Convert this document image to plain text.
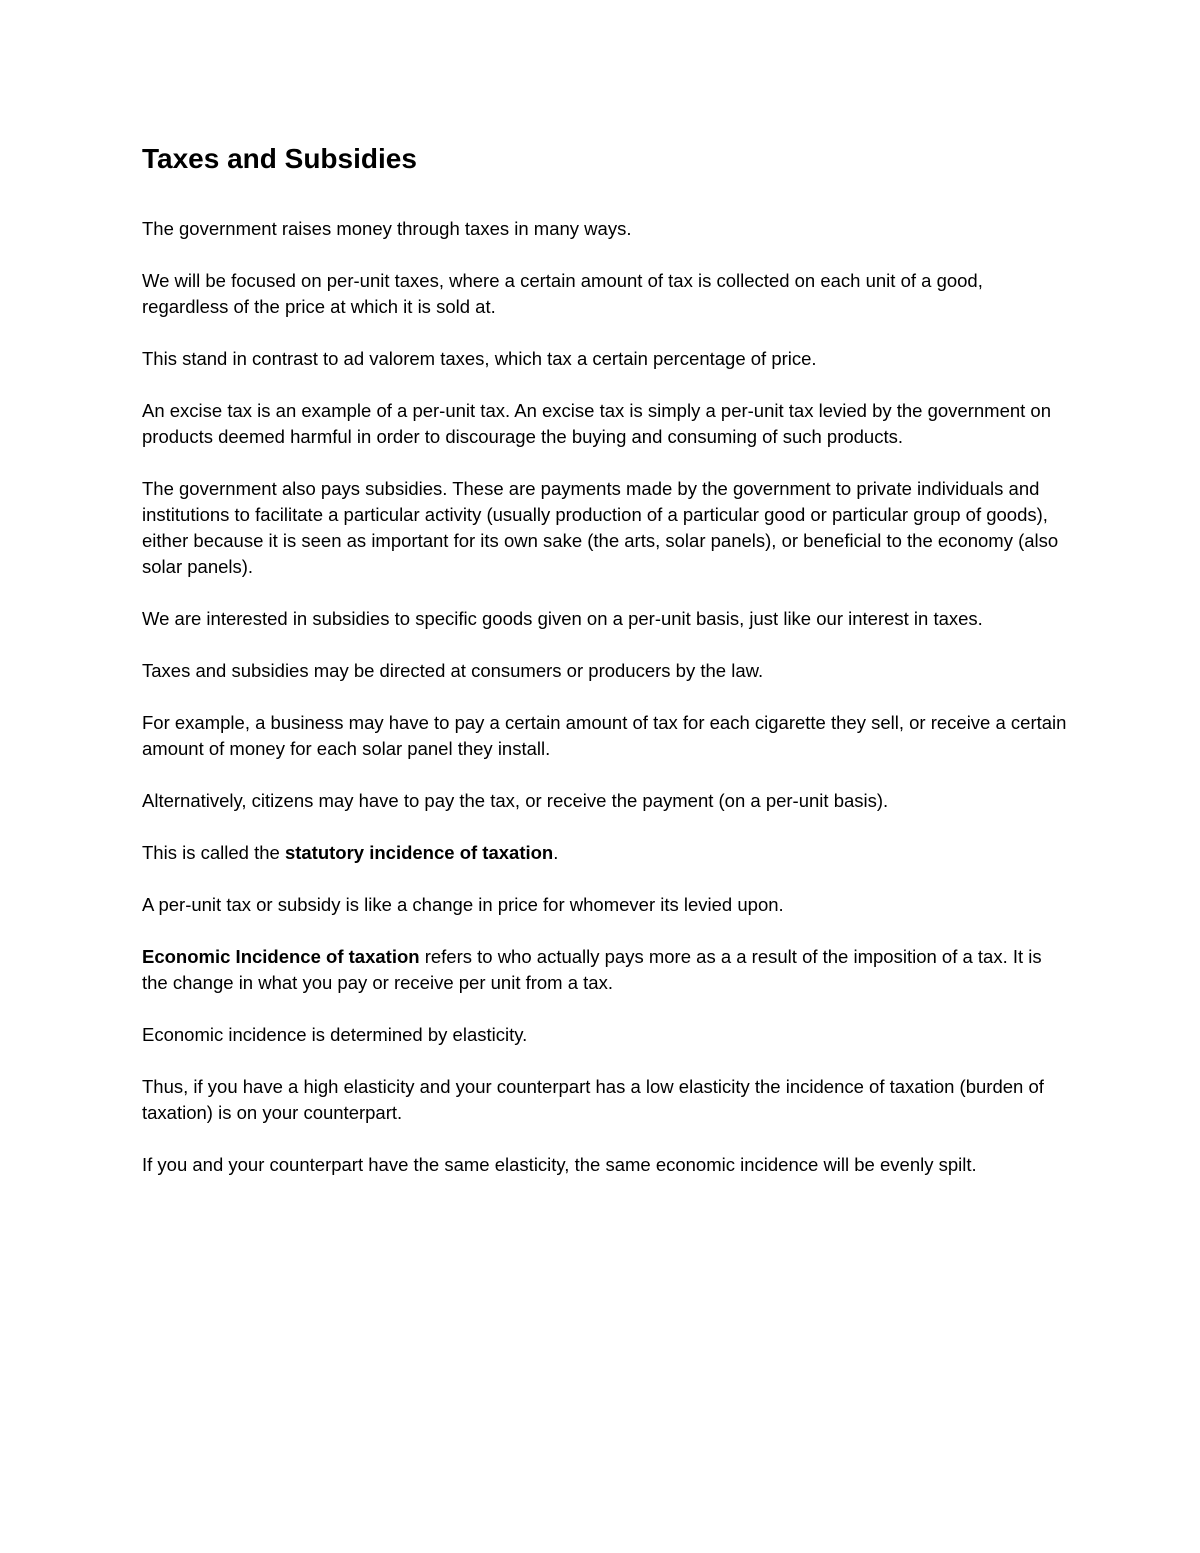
Taxes and Subsidies

The government raises money through taxes in many ways.

We will be focused on per-unit taxes, where a certain amount of tax is collected on each unit of a good, regardless of the price at which it is sold at.

This stand in contrast to ad valorem taxes, which tax a certain percentage of price.

An excise tax is an example of a per-unit tax. An excise tax is simply a per-unit tax levied by the government on products deemed harmful in order to discourage the buying and consuming of such products.

The government also pays subsidies. These are payments made by the government to private individuals and institutions to facilitate a particular activity (usually production of a particular good or particular group of goods), either because it is seen as important for its own sake (the arts, solar panels), or beneficial to the economy (also solar panels).

We are interested in subsidies to specific goods given on a per-unit basis, just like our interest in taxes.

Taxes and subsidies may be directed at consumers or producers by the law.

For example, a business may have to pay a certain amount of tax for each cigarette they sell, or receive a certain amount of money for each solar panel they install.

Alternatively, citizens may have to pay the tax, or receive the payment (on a per-unit basis).

This is called the statutory incidence of taxation.

A per-unit tax or subsidy is like a change in price for whomever its levied upon.

Economic Incidence of taxation refers to who actually pays more as a a result of the imposition of a tax. It is the change in what you pay or receive per unit from a tax.

Economic incidence is determined by elasticity.

Thus, if you have a high elasticity and your counterpart has a low elasticity the incidence of taxation (burden of taxation) is on your counterpart.

If you and your counterpart have the same elasticity, the same economic incidence will be evenly spilt.
